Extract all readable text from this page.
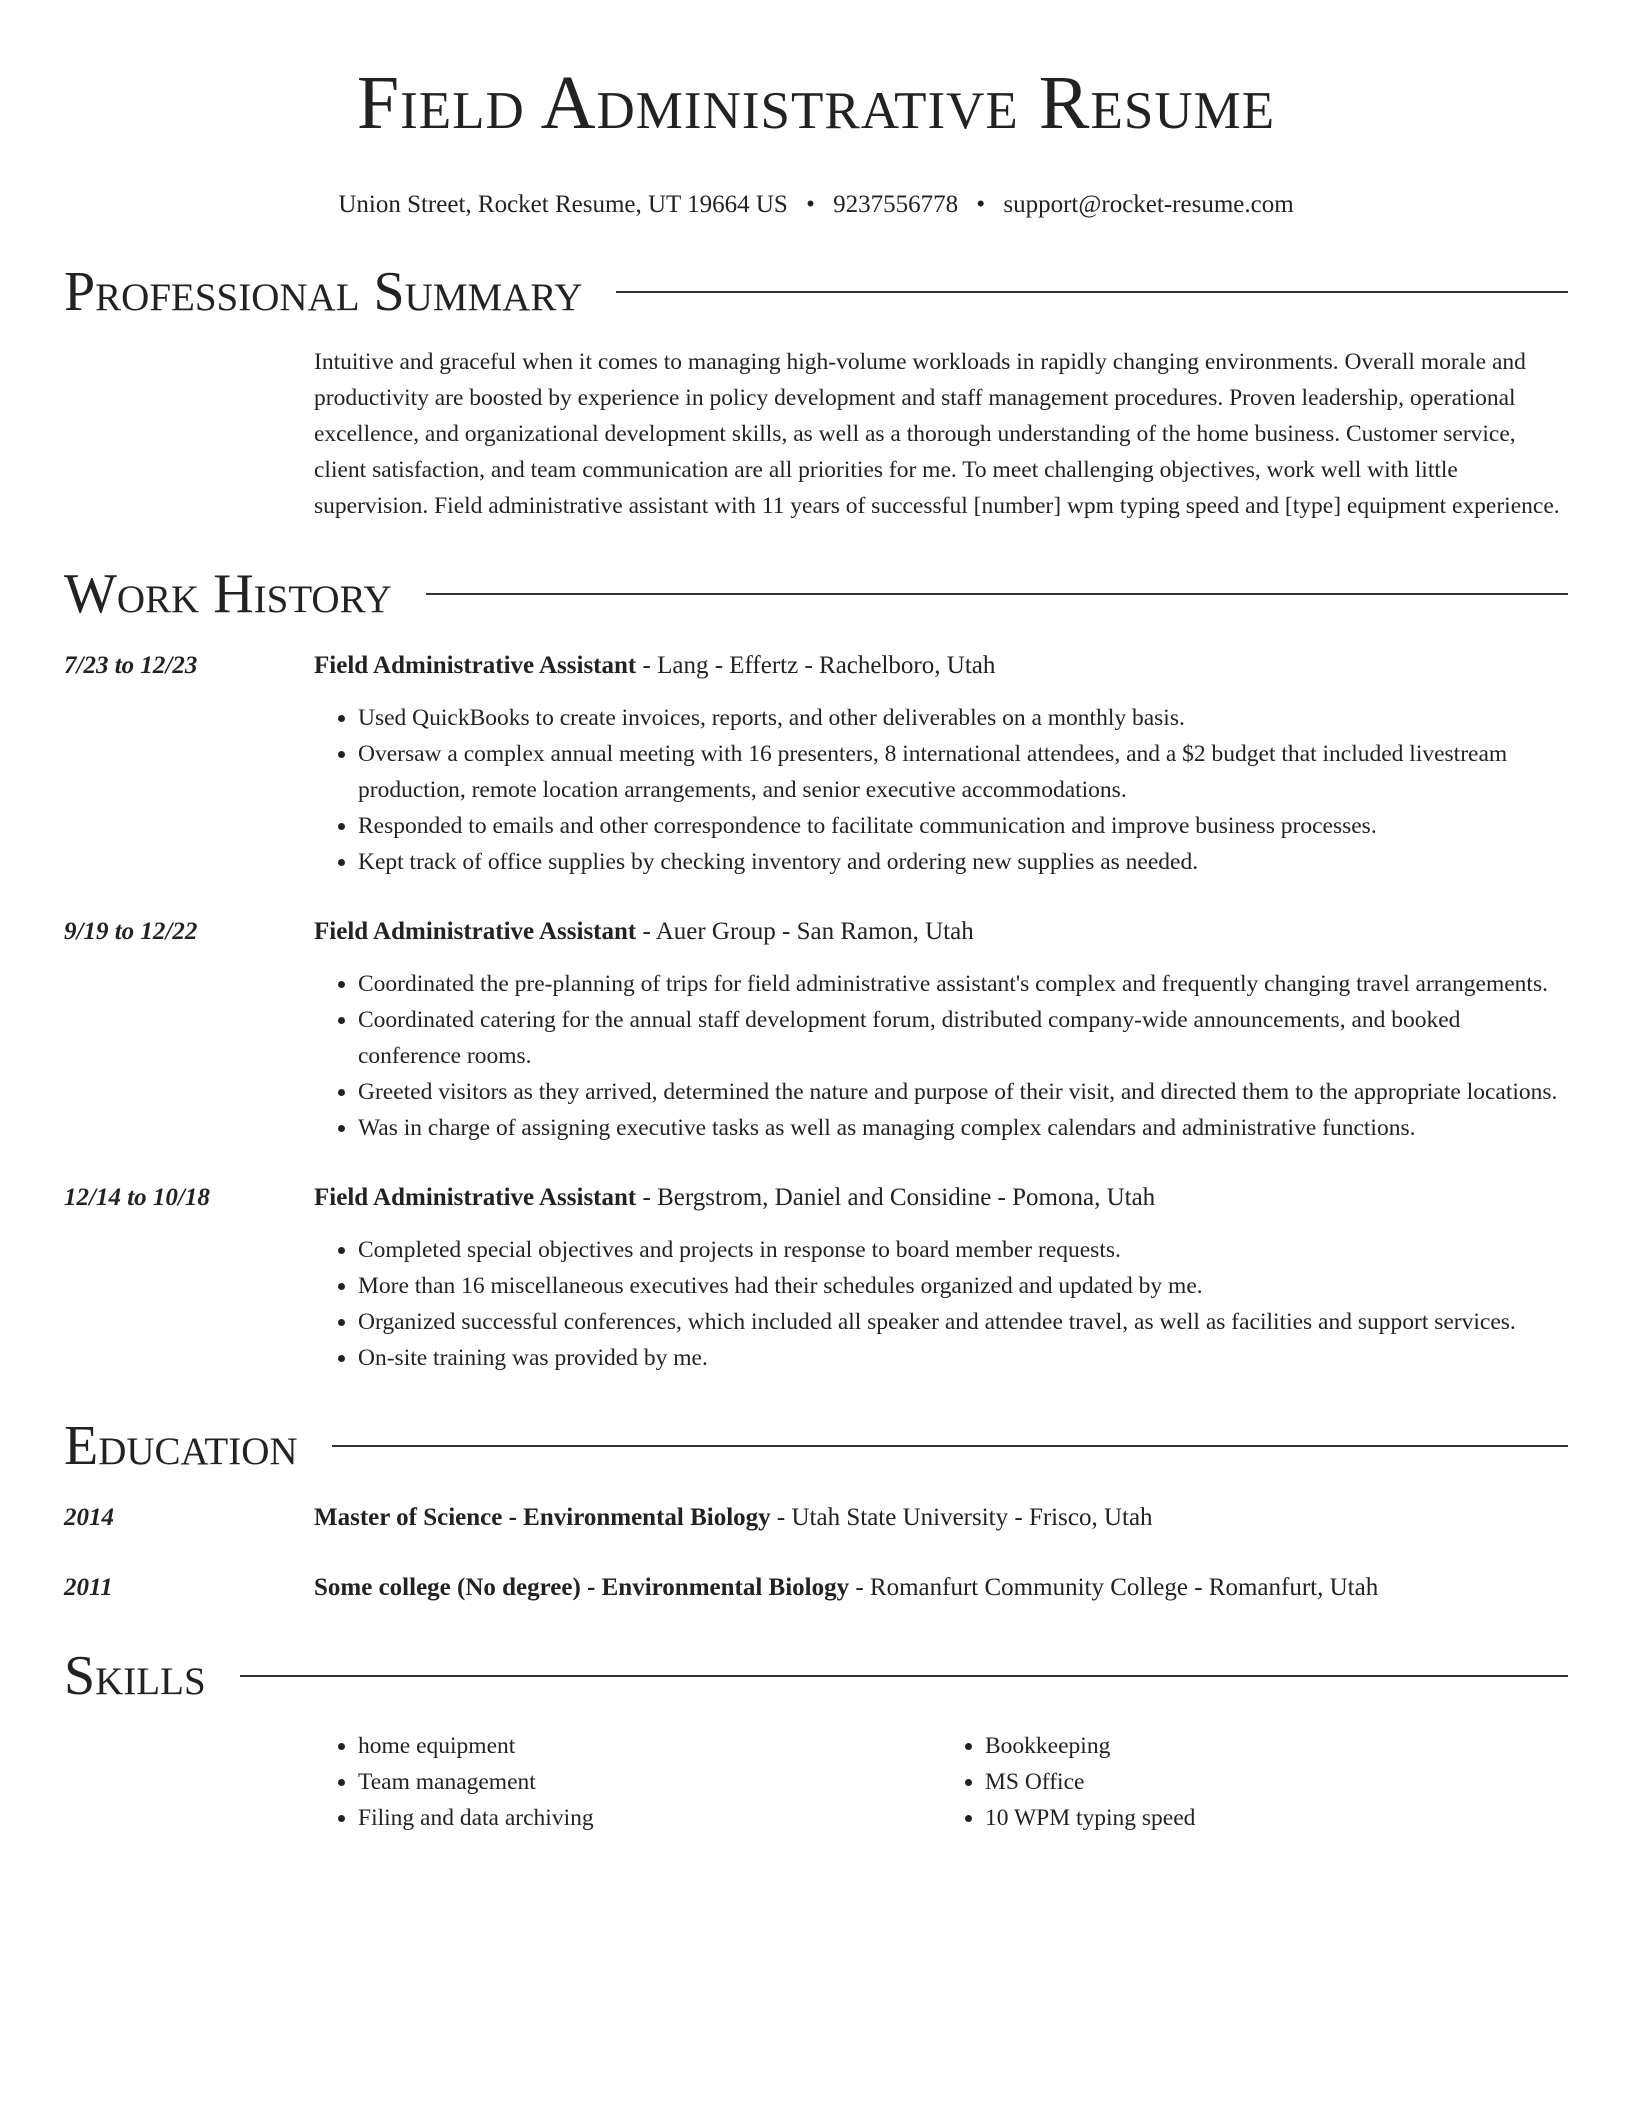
Field Administrative Resume
Union Street, Rocket Resume, UT 19664 US • 9237556778 • support@rocket-resume.com
Professional Summary
Intuitive and graceful when it comes to managing high-volume workloads in rapidly changing environments. Overall morale and productivity are boosted by experience in policy development and staff management procedures. Proven leadership, operational excellence, and organizational development skills, as well as a thorough understanding of the home business. Customer service, client satisfaction, and team communication are all priorities for me. To meet challenging objectives, work well with little supervision. Field administrative assistant with 11 years of successful [number] wpm typing speed and [type] equipment experience.
Work History
7/23 to 12/23	Field Administrative Assistant - Lang - Effertz - Rachelboro, Utah
• Used QuickBooks to create invoices, reports, and other deliverables on a monthly basis.
• Oversaw a complex annual meeting with 16 presenters, 8 international attendees, and a $2 budget that included livestream production, remote location arrangements, and senior executive accommodations.
• Responded to emails and other correspondence to facilitate communication and improve business processes.
• Kept track of office supplies by checking inventory and ordering new supplies as needed.
9/19 to 12/22	Field Administrative Assistant - Auer Group - San Ramon, Utah
• Coordinated the pre-planning of trips for field administrative assistant's complex and frequently changing travel arrangements.
• Coordinated catering for the annual staff development forum, distributed company-wide announcements, and booked conference rooms.
• Greeted visitors as they arrived, determined the nature and purpose of their visit, and directed them to the appropriate locations.
• Was in charge of assigning executive tasks as well as managing complex calendars and administrative functions.
12/14 to 10/18	Field Administrative Assistant - Bergstrom, Daniel and Considine - Pomona, Utah
• Completed special objectives and projects in response to board member requests.
• More than 16 miscellaneous executives had their schedules organized and updated by me.
• Organized successful conferences, which included all speaker and attendee travel, as well as facilities and support services.
• On-site training was provided by me.
Education
2014	Master of Science - Environmental Biology - Utah State University - Frisco, Utah
2011	Some college (No degree) - Environmental Biology - Romanfurt Community College - Romanfurt, Utah
Skills
• home equipment
• Team management
• Filing and data archiving
• Bookkeeping
• MS Office
• 10 WPM typing speed
